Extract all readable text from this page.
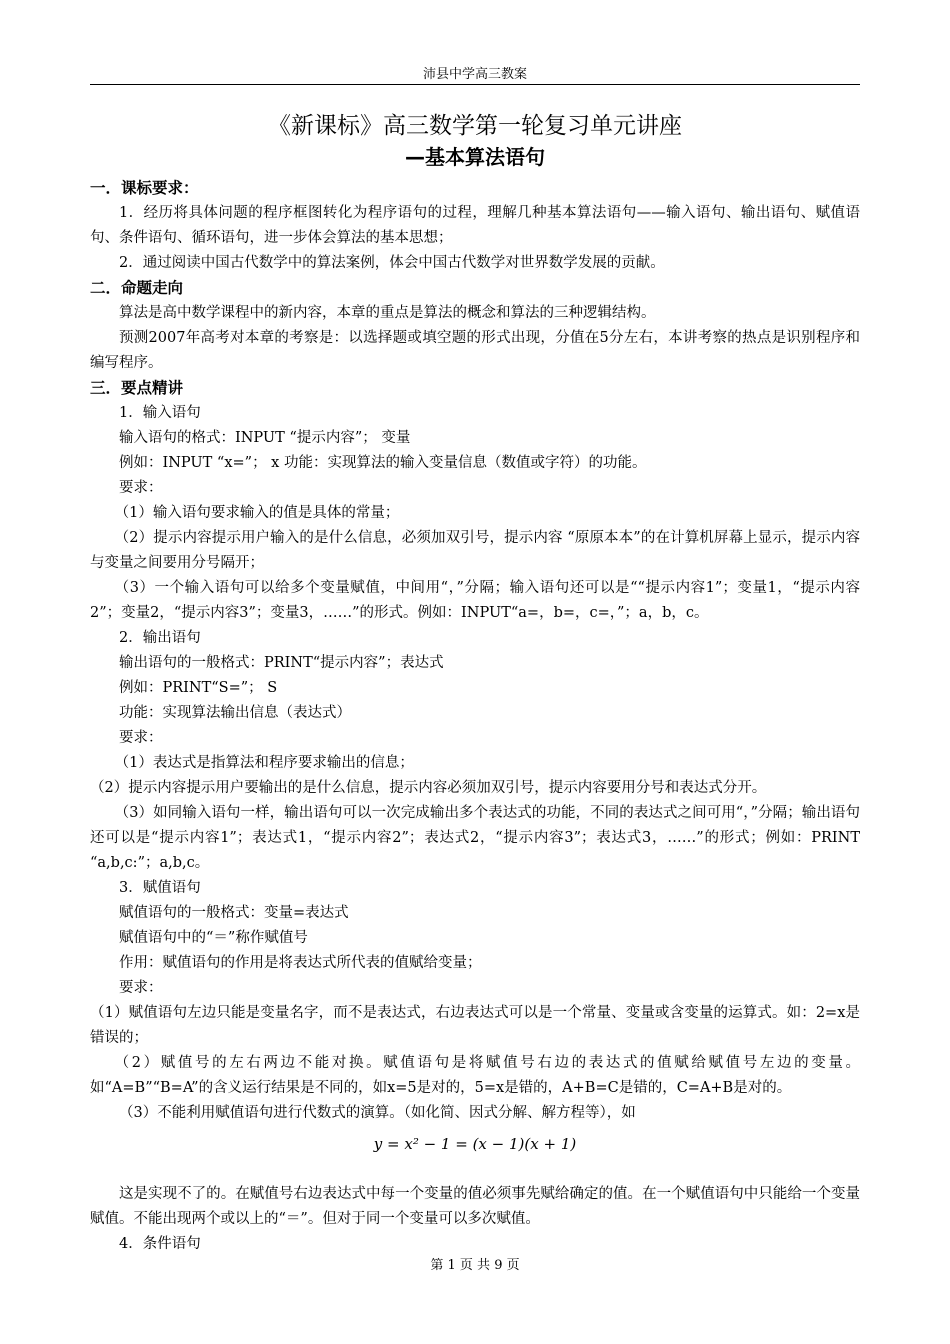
沛县中学高三教案
《新课标》高三数学第一轮复习单元讲座
—基本算法语句
一．课标要求：

1．经历将具体问题的程序框图转化为程序语句的过程，理解几种基本算法语句——输入语句、输出语句、赋值语句、条件语句、循环语句，进一步体会算法的基本思想；

2．通过阅读中国古代数学中的算法案例，体会中国古代数学对世界数学发展的贡献。

二．命题走向

算法是高中数学课程中的新内容，本章的重点是算法的概念和算法的三种逻辑结构。

预测2007年高考对本章的考察是：以选择题或填空题的形式出现，分值在5分左右，本讲考察的热点是识别程序和编写程序。

三．要点精讲

1．输入语句

输入语句的格式：INPUT “提示内容”； 变量

例如：INPUT “x=”； x 功能：实现算法的输入变量信息（数值或字符）的功能。

要求：

（1）输入语句要求输入的值是具体的常量；

（2）提示内容提示用户输入的是什么信息，必须加双引号，提示内容 “原原本本”的在计算机屏幕上显示，提示内容与变量之间要用分号隔开；

（3）一个输入语句可以给多个变量赋值，中间用“，”分隔；输入语句还可以是““提示内容1”；变量1，“提示内容2”；变量2，“提示内容3”；变量3，……”的形式。例如：INPUT“a=，b=，c=，”；a，b，c。

2．输出语句

输出语句的一般格式：PRINT“提示内容”；表达式

例如：PRINT“S=”； S

功能：实现算法输出信息（表达式）

要求：

（1）表达式是指算法和程序要求输出的信息；

（2）提示内容提示用户要输出的是什么信息，提示内容必须加双引号，提示内容要用分号和表达式分开。

（3）如同输入语句一样，输出语句可以一次完成输出多个表达式的功能，不同的表达式之间可用“，”分隔；输出语句还可以是“提示内容1”；表达式1，“提示内容2”；表达式2，“提示内容3”；表达式3，……”的形式；例如：PRINT “a,b,c:”；a,b,c。

3．赋值语句

赋值语句的一般格式：变量=表达式

赋值语句中的“＝”称作赋值号

作用：赋值语句的作用是将表达式所代表的值赋给变量；

要求：

（1）赋值语句左边只能是变量名字，而不是表达式，右边表达式可以是一个常量、变量或含变量的运算式。如：2=x是错误的；

（2）赋值号的左右两边不能对换。赋值语句是将赋值号右边的表达式的值赋给赋值号左边的变量。如“A=B”“B=A”的含义运行结果是不同的，如x=5是对的，5=x是错的，A+B=C是错的，C=A+B是对的。

（3）不能利用赋值语句进行代数式的演算。（如化简、因式分解、解方程等），如

y = x² − 1 = (x − 1)(x + 1)

这是实现不了的。在赋值号右边表达式中每一个变量的值必须事先赋给确定的值。在一个赋值语句中只能给一个变量赋值。不能出现两个或以上的“＝”。但对于同一个变量可以多次赋值。

4．条件语句

第 1 页 共 9 页
